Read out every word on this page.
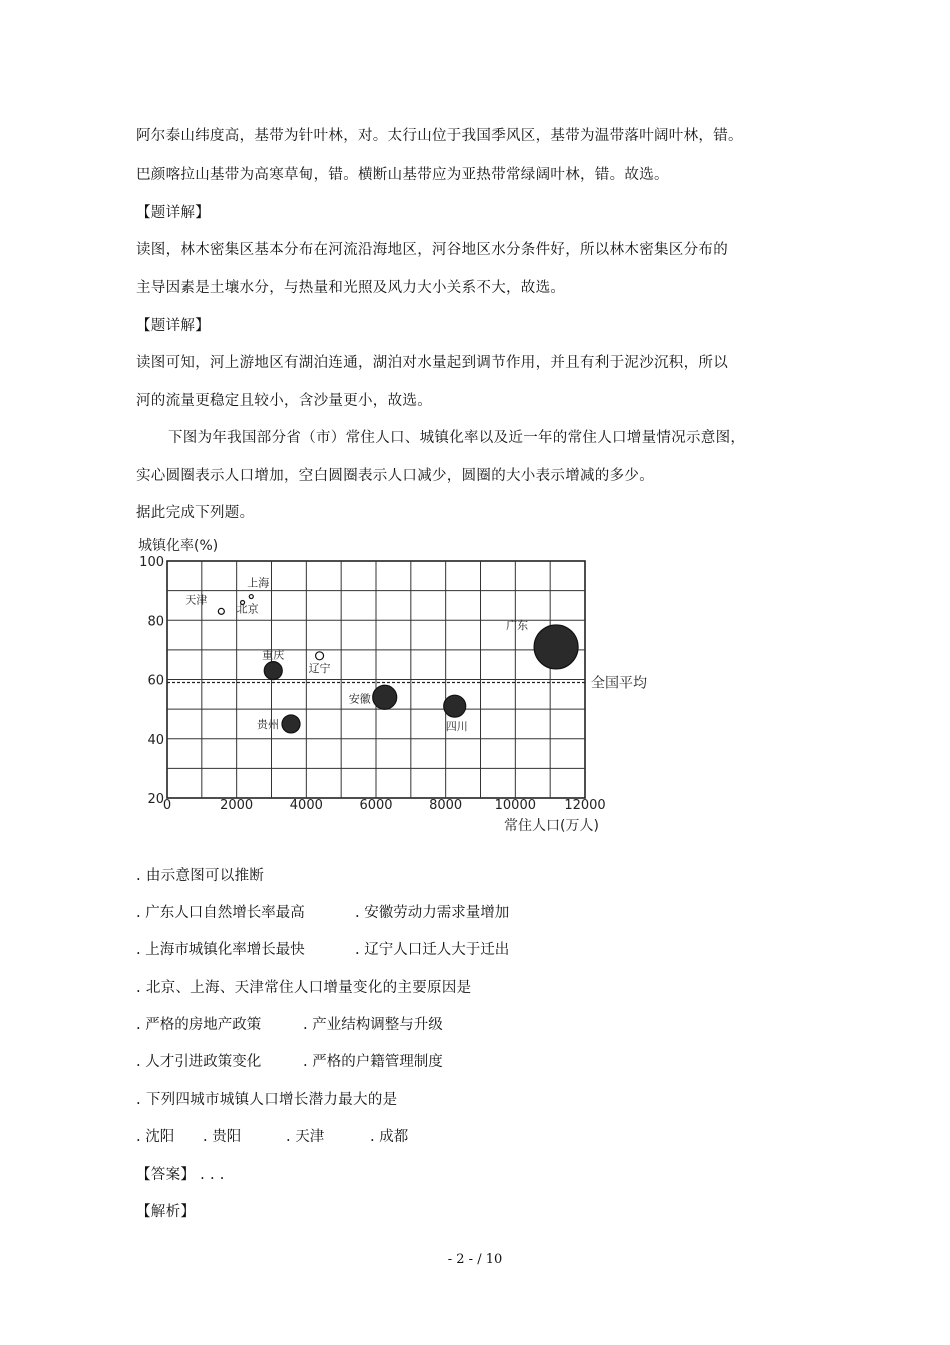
阿尔泰山纬度高，基带为针叶林，对。太行山位于我国季风区，基带为温带落叶阔叶林，错。
巴颜喀拉山基带为高寒草甸，错。横断山基带应为亚热带常绿阔叶林，错。故选。
【题详解】
读图，林木密集区基本分布在河流沿海地区，河谷地区水分条件好，所以林木密集区分布的
主导因素是土壤水分，与热量和光照及风力大小关系不大，故选。
【题详解】
读图可知，河上游地区有湖泊连通，湖泊对水量起到调节作用，并且有利于泥沙沉积，所以
河的流量更稳定且较小，含沙量更小，故选。
下图为年我国部分省（市）常住人口、城镇化率以及近一年的常住人口增量情况示意图，
实心圆圈表示人口增加，空白圆圈表示人口减少，圆圈的大小表示增减的多少。
据此完成下列题。
0	2000	4000	6000	8000 10000 12000
20
40
60
80
100
全国平均
天津
上海
北京
重庆
辽宁
贵州
安徽
四川
广东
城镇化率(%)
常住人口(万人)
. 由示意图可以推断
. 广东人口自然增长率最高	. 安徽劳动力需求量增加
. 上海市城镇化率增长最快	. 辽宁人口迁人大于迁出
. 北京、上海、天津常住人口增量变化的主要原因是
. 严格的房地产政策	. 产业结构调整与升级
. 人才引进政策变化	. 严格的户籍管理制度
. 下列四城市城镇人口增长潜力最大的是
. 沈阳 . 贵阳	. 天津	. 成都
【答案】 . . .
【解析】
- 2 - / 10
